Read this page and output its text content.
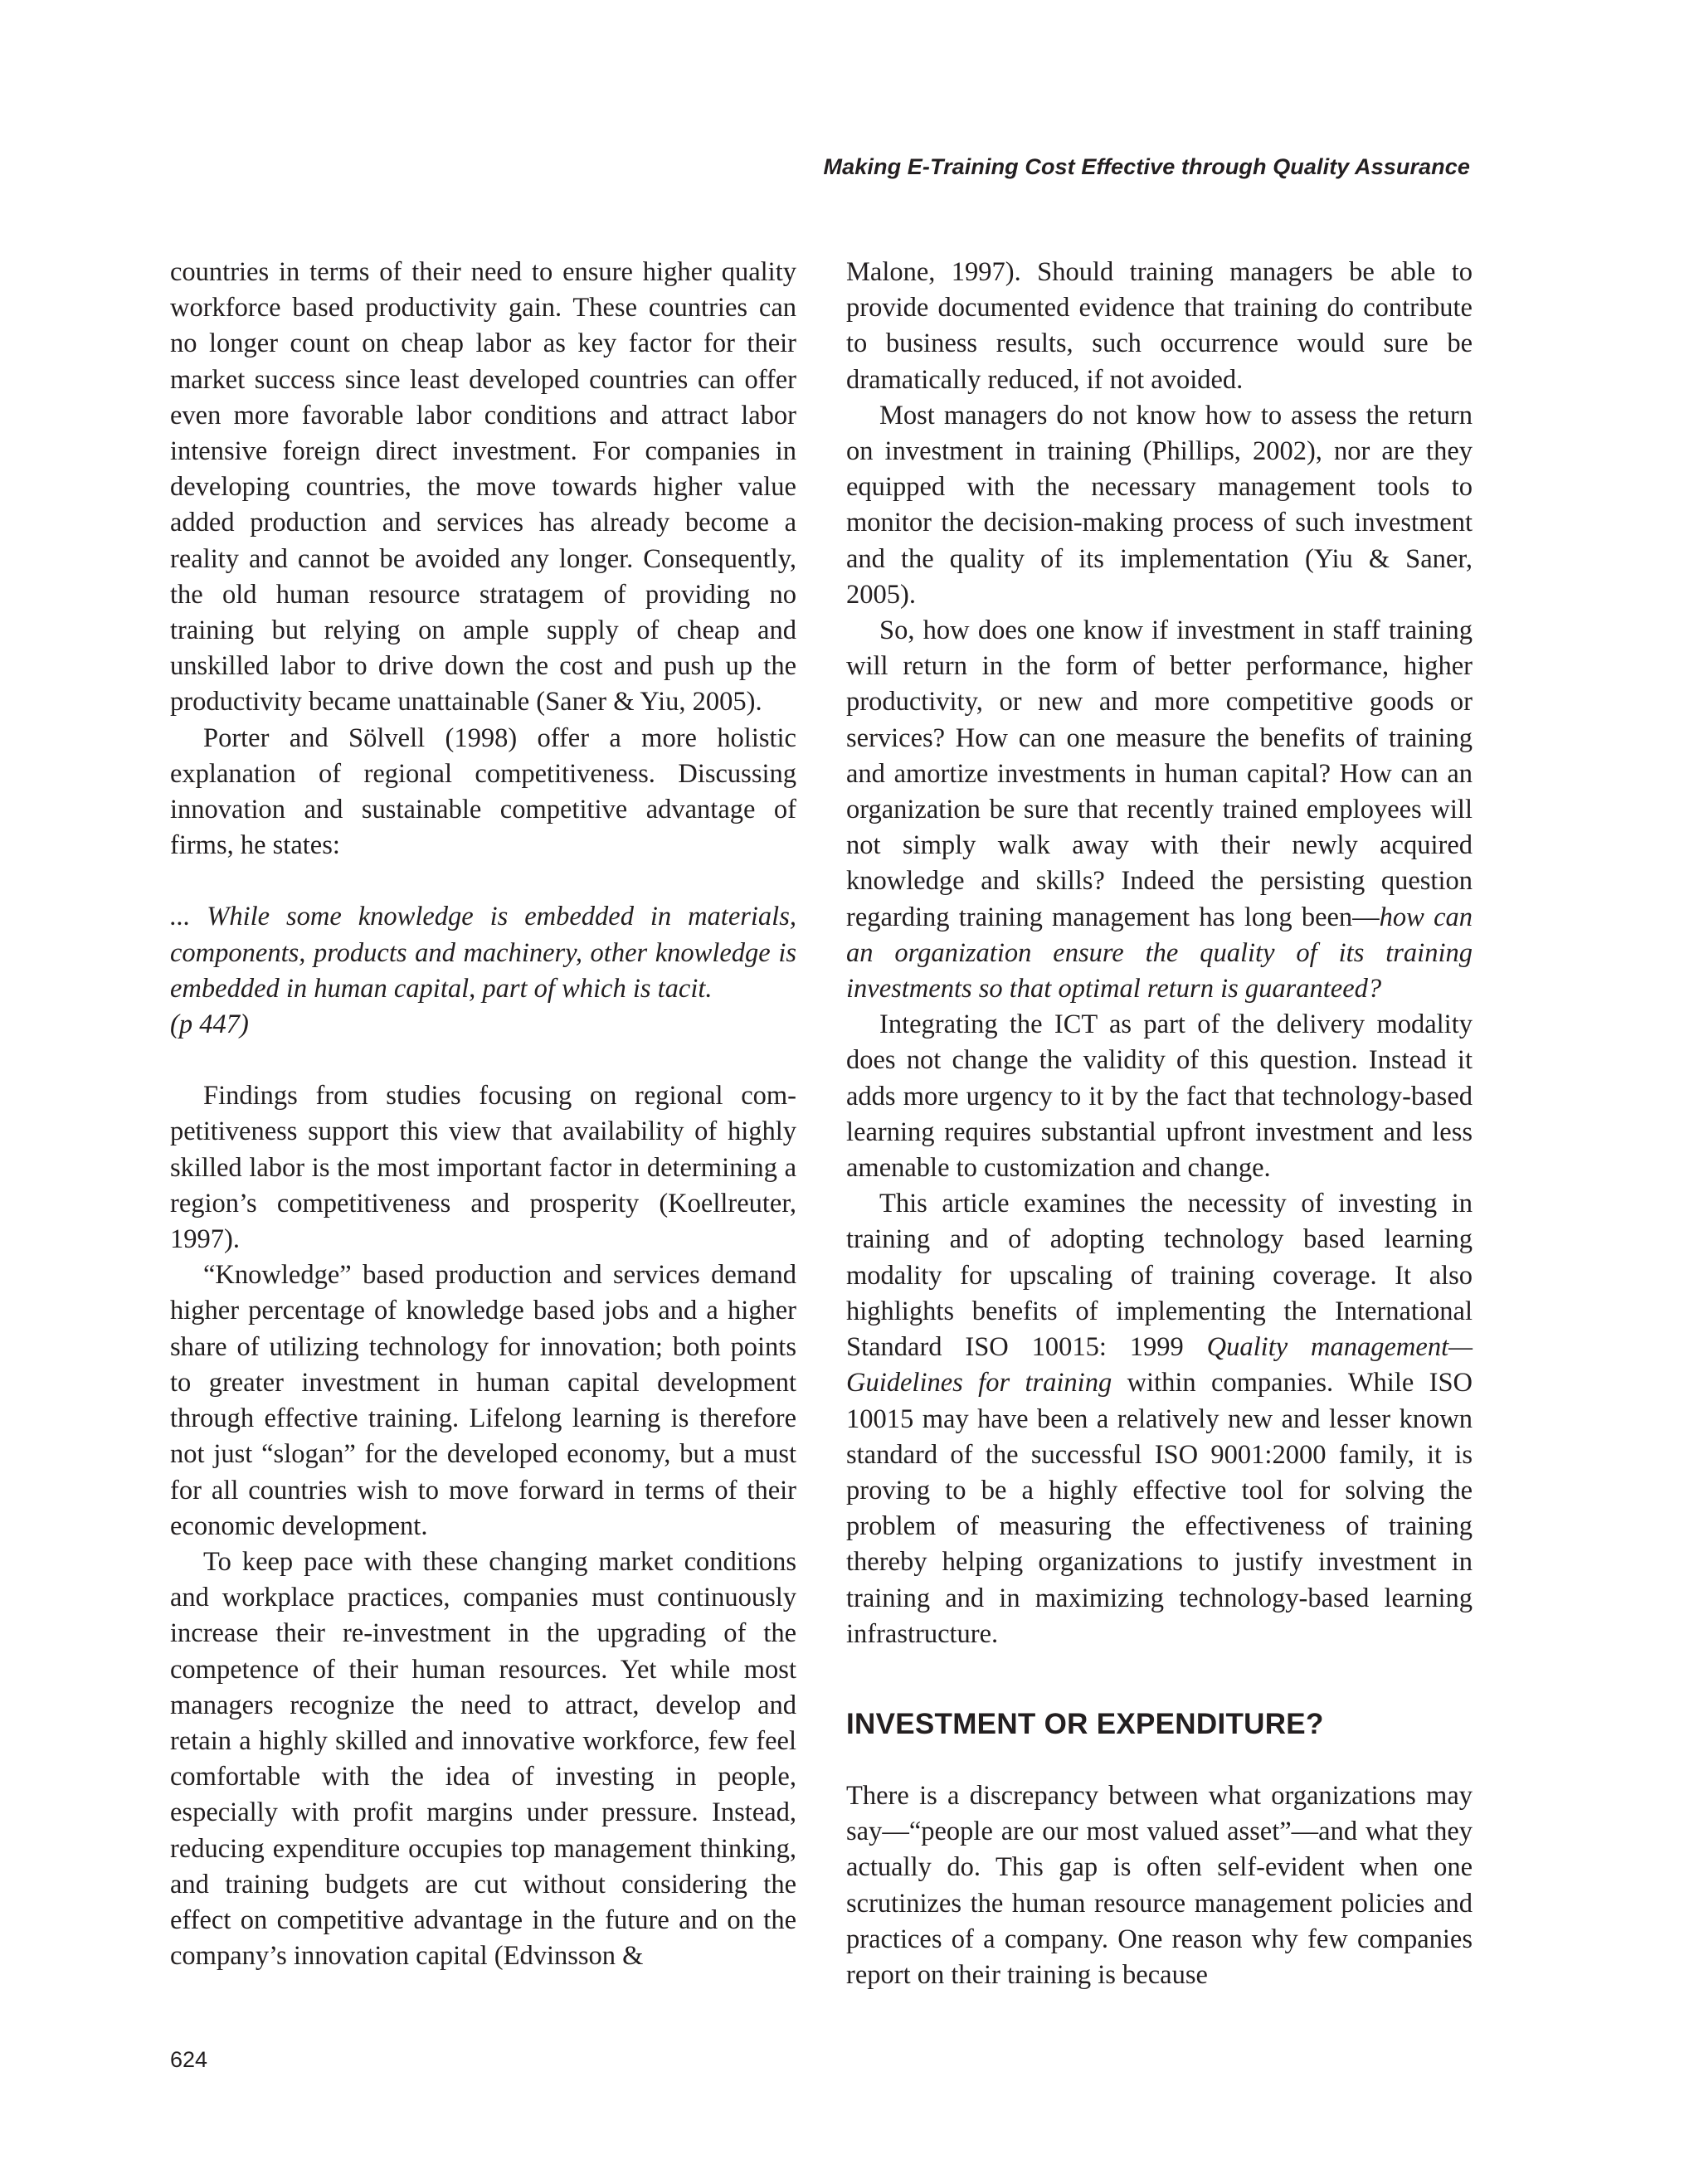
Making E-Training Cost Effective through Quality Assurance

countries in terms of their need to ensure higher quality workforce based productivity gain. These countries can no longer count on cheap labor as key factor for their market success since least developed countries can offer even more favorable labor conditions and attract labor intensive foreign direct investment. For companies in developing countries, the move towards higher value added production and services has already become a reality and cannot be avoided any longer. Consequently, the old human resource stratagem of providing no training but relying on ample supply of cheap and unskilled labor to drive down the cost and push up the productivity became unattainable (Saner & Yiu, 2005).

Porter and Sölvell (1998) offer a more holistic explanation of regional competitiveness. Discussing innovation and sustainable competitive advantage of firms, he states:

... While some knowledge is embedded in materials, components, products and machinery, other knowledge is embedded in human capital, part of which is tacit.
(p 447)

Findings from studies focusing on regional competitiveness support this view that availability of highly skilled labor is the most important factor in determining a region’s competitiveness and prosperity (Koellreuter, 1997).

“Knowledge” based production and services demand higher percentage of knowledge based jobs and a higher share of utilizing technology for innovation; both points to greater investment in human capital development through effective training. Lifelong learning is therefore not just “slogan” for the developed economy, but a must for all countries wish to move forward in terms of their economic development.

To keep pace with these changing market conditions and workplace practices, companies must continuously increase their re-investment in the upgrading of the competence of their human resources. Yet while most managers recognize the need to attract, develop and retain a highly skilled and innovative workforce, few feel comfortable with the idea of investing in people, especially with profit margins under pressure. Instead, reducing expenditure occupies top management thinking, and training budgets are cut without considering the effect on competitive advantage in the future and on the company’s innovation capital (Edvinsson &

Malone, 1997). Should training managers be able to provide documented evidence that training do contribute to business results, such occurrence would sure be dramatically reduced, if not avoided.

Most managers do not know how to assess the return on investment in training (Phillips, 2002), nor are they equipped with the necessary management tools to monitor the decision-making process of such investment and the quality of its implementation (Yiu & Saner, 2005).

So, how does one know if investment in staff training will return in the form of better performance, higher productivity, or new and more competitive goods or services? How can one measure the benefits of training and amortize investments in human capital? How can an organization be sure that recently trained employees will not simply walk away with their newly acquired knowledge and skills? Indeed the persisting question regarding training management has long been—how can an organization ensure the quality of its training investments so that optimal return is guaranteed?

Integrating the ICT as part of the delivery modality does not change the validity of this question. Instead it adds more urgency to it by the fact that technology-based learning requires substantial upfront investment and less amenable to customization and change.

This article examines the necessity of investing in training and of adopting technology based learning modality for upscaling of training coverage. It also highlights benefits of implementing the International Standard ISO 10015: 1999 Quality management—Guidelines for training within companies. While ISO 10015 may have been a relatively new and lesser known standard of the successful ISO 9001:2000 family, it is proving to be a highly effective tool for solving the problem of measuring the effectiveness of training thereby helping organizations to justify investment in training and in maximizing technology-based learning infrastructure.

INVESTMENT OR EXPENDITURE?

There is a discrepancy between what organizations may say—“people are our most valued asset”—and what they actually do. This gap is often self-evident when one scrutinizes the human resource management policies and practices of a company. One reason why few companies report on their training is because

624
